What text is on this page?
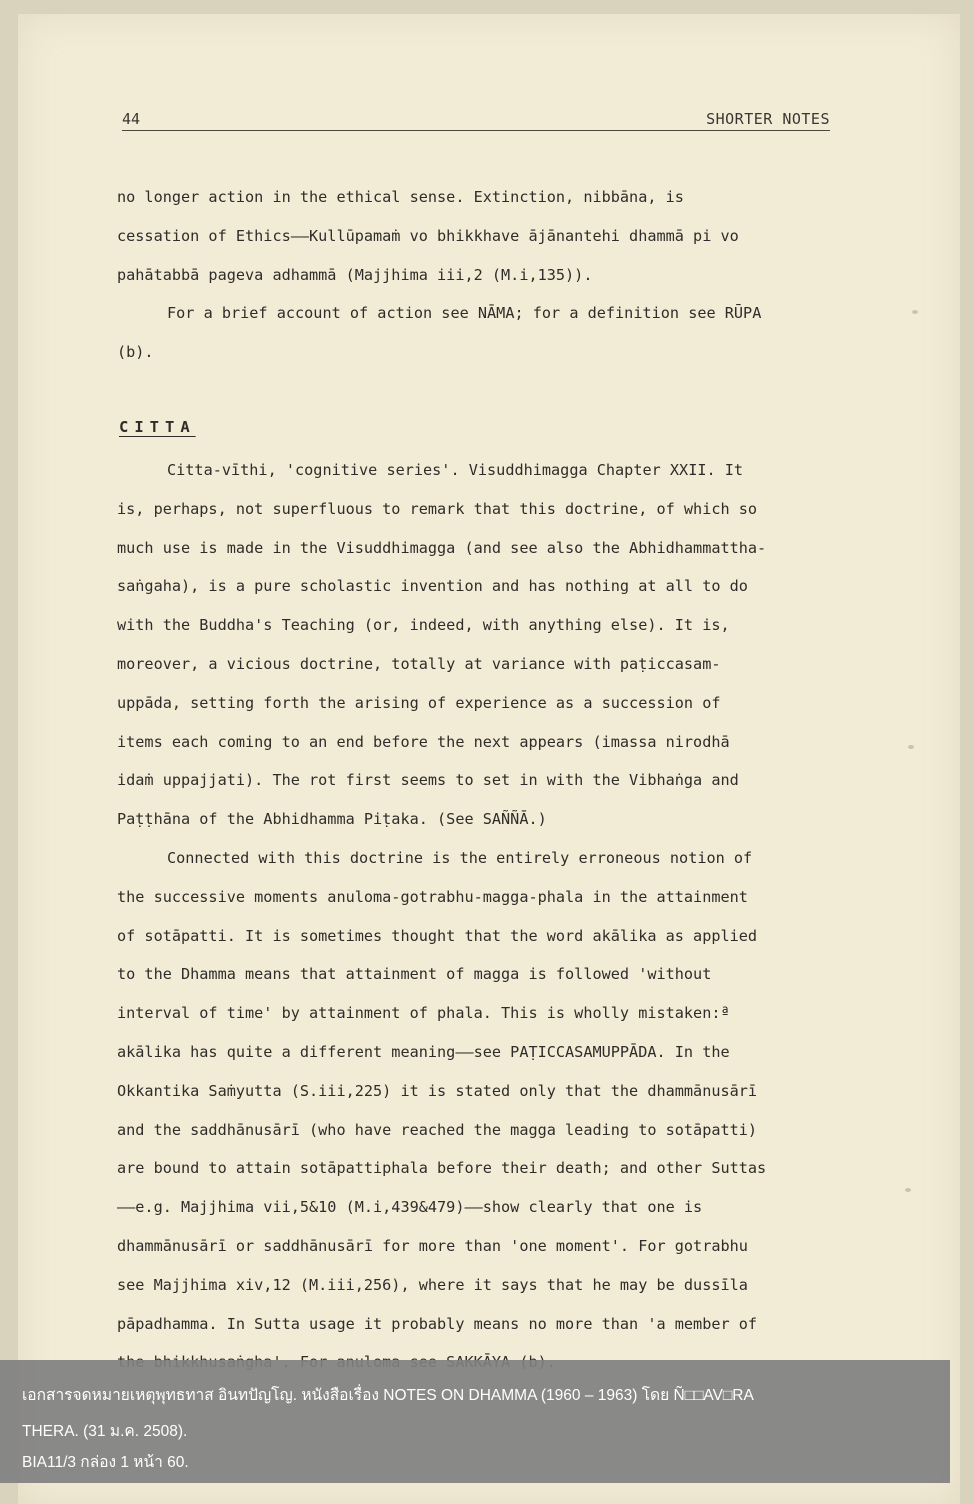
44	SHORTER NOTES
no longer action in the ethical sense. Extinction, nibbāna, is
cessation of Ethics——Kullūpamaṁ vo bhikkhave ājānantehi dhammā pi vo
pahātabbā pageva adhammā (Majjhima iii,2 (M.i,135)).
For a brief account of action see NĀMA; for a definition see RŪPA
(b).
CITTA
Citta-vīthi, 'cognitive series'. Visuddhimagga Chapter XXII. It
is, perhaps, not superfluous to remark that this doctrine, of which so
much use is made in the Visuddhimagga (and see also the Abhidhammattha-
saṅgaha), is a pure scholastic invention and has nothing at all to do
with the Buddha's Teaching (or, indeed, with anything else). It is,
moreover, a vicious doctrine, totally at variance with paṭiccasam-
uppāda, setting forth the arising of experience as a succession of
items each coming to an end before the next appears (imassa nirodhā
idaṁ uppajjati). The rot first seems to set in with the Vibhaṅga and
Paṭṭhāna of the Abhidhamma Piṭaka. (See SAÑÑĀ.)
Connected with this doctrine is the entirely erroneous notion of
the successive moments anuloma-gotrabhu-magga-phala in the attainment
of sotāpatti. It is sometimes thought that the word akālika as applied
to the Dhamma means that attainment of magga is followed 'without
interval of time' by attainment of phala. This is wholly mistaken:ª
akālika has quite a different meaning——see PAṬICCASAMUPPĀDA. In the
Okkantika Saṁyutta (S.iii,225) it is stated only that the dhammānusārī
and the saddhānusārī (who have reached the magga leading to sotāpatti)
are bound to attain sotāpattiphala before their death; and other Suttas
——e.g. Majjhima vii,5&10 (M.i,439&479)——show clearly that one is
dhammānusārī or saddhānusārī for more than 'one moment'. For gotrabhu
see Majjhima xiv,12 (M.iii,256), where it says that he may be dussīla
pāpadhamma. In Sutta usage it probably means no more than 'a member of
เอกสารจดหมายเหตุพุทธทาส อินทปัญโญ. หนังสือเรื่อง NOTES ON DHAMMA (1960 – 1963) โดย Ñ□□AV□RA
THERA. (31 ม.ค. 2508).
BIA11/3 กล่อง 1 หน้า 60.
